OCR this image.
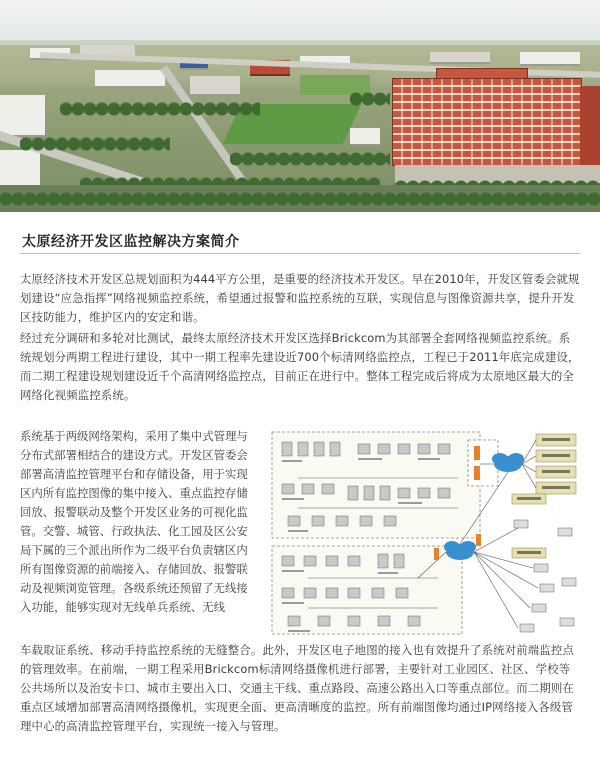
太原经济开发区监控解决方案简介

太原经济技术开发区总规划面积为444平方公里，是重要的经济技术开发区。早在2010年，开发区管委会就规划建设“应急指挥”网络视频监控系统，希望通过报警和监控系统的互联，实现信息与图像资源共享，提升开发区技防能力，维护区内的安定和谐。

经过充分调研和多轮对比测试，最终太原经济技术开发区选择Brickcom为其部署全套网络视频监控系统。系统规划分两期工程进行建设，其中一期工程率先建设近700个标清网络监控点，工程已于2011年底完成建设，而二期工程建设规划建设近千个高清网络监控点，目前正在进行中。整体工程完成后将成为太原地区最大的全网络化视频监控系统。

系统基于两级网络架构，采用了集中式管理与分布式部署相结合的建设方式。开发区管委会部署高清监控管理平台和存储设备，用于实现区内所有监控图像的集中接入、重点监控存储回放、报警联动及整个开发区业务的可视化监管。交警、城管、行政执法、化工园及区公安局下属的三个派出所作为二级平台负责辖区内所有图像资源的前端接入、存储回放、报警联动及视频浏览管理。各级系统还预留了无线接入功能，能够实现对无线单兵系统、无线

车载取证系统、移动手持监控系统的无缝整合。此外，开发区电子地图的接入也有效提升了系统对前端监控点的管理效率。在前端，一期工程采用Brickcom标清网络摄像机进行部署，主要针对工业园区、社区、学校等公共场所以及治安卡口、城市主要出入口、交通主干线、重点路段、高速公路出入口等重点部位。而二期则在重点区域增加部署高清网络摄像机，实现更全面、更高清晰度的监控。所有前端图像均通过IP网络接入各级管理中心的高清监控管理平台，实现统一接入与管理。
